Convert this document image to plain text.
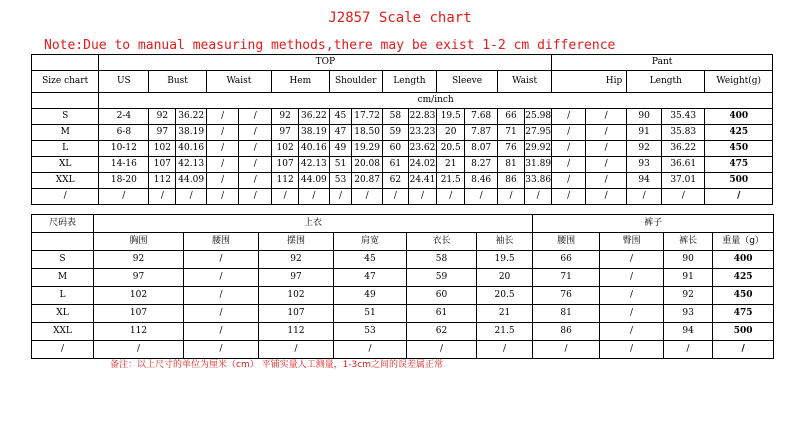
J2857 Scale chart
Note:Due to manual measuring methods,there may be exist 1-2 cm difference
	TOP															Pant				
Size chart	US	Bust		Waist		Hem		Shoulder		Length		Sleeve		Waist		Hip		Length		Weight(g)
	cm/inch																			
S	2-4	92	36.22	/	/	92	36.22	45	17.72	58	22.83	19.5	7.68	66	25.98	/	/	90	35.43	400
M	6-8	97	38.19	/	/	97	38.19	47	18.50	59	23.23	20	7.87	71	27.95	/	/	91	35.83	425
L	10-12	102	40.16	/	/	102	40.16	49	19.29	60	23.62	20.5	8.07	76	29.92	/	/	92	36.22	450
XL	14-16	107	42.13	/	/	107	42.13	51	20.08	61	24.02	21	8.27	81	31.89	/	/	93	36.61	475
XXL	18-20	112	44.09	/	/	112	44.09	53	20.87	62	24.41	21.5	8.46	86	33.86	/	/	94	37.01	500
/	/	/	/	/	/	/	/	/	/	/	/	/	/	/	/	/	/	/	/	/
尺码表	上衣						裤子			
	胸围	腰围	摆围	肩宽	衣长	袖长	腰围	臀围	裤长	重量（g）
S	92	/	92	45	58	19.5	66	/	90	400
M	97	/	97	47	59	20	71	/	91	425
L	102	/	102	49	60	20.5	76	/	92	450
XL	107	/	107	51	61	21	81	/	93	475
XXL	112	/	112	53	62	21.5	86	/	94	500
/	/	/	/	/	/	/	/	/	/	/
备注：以上尺寸的单位为厘米（cm） 平铺实量人工测量，1-3cm之间的误差属正常
